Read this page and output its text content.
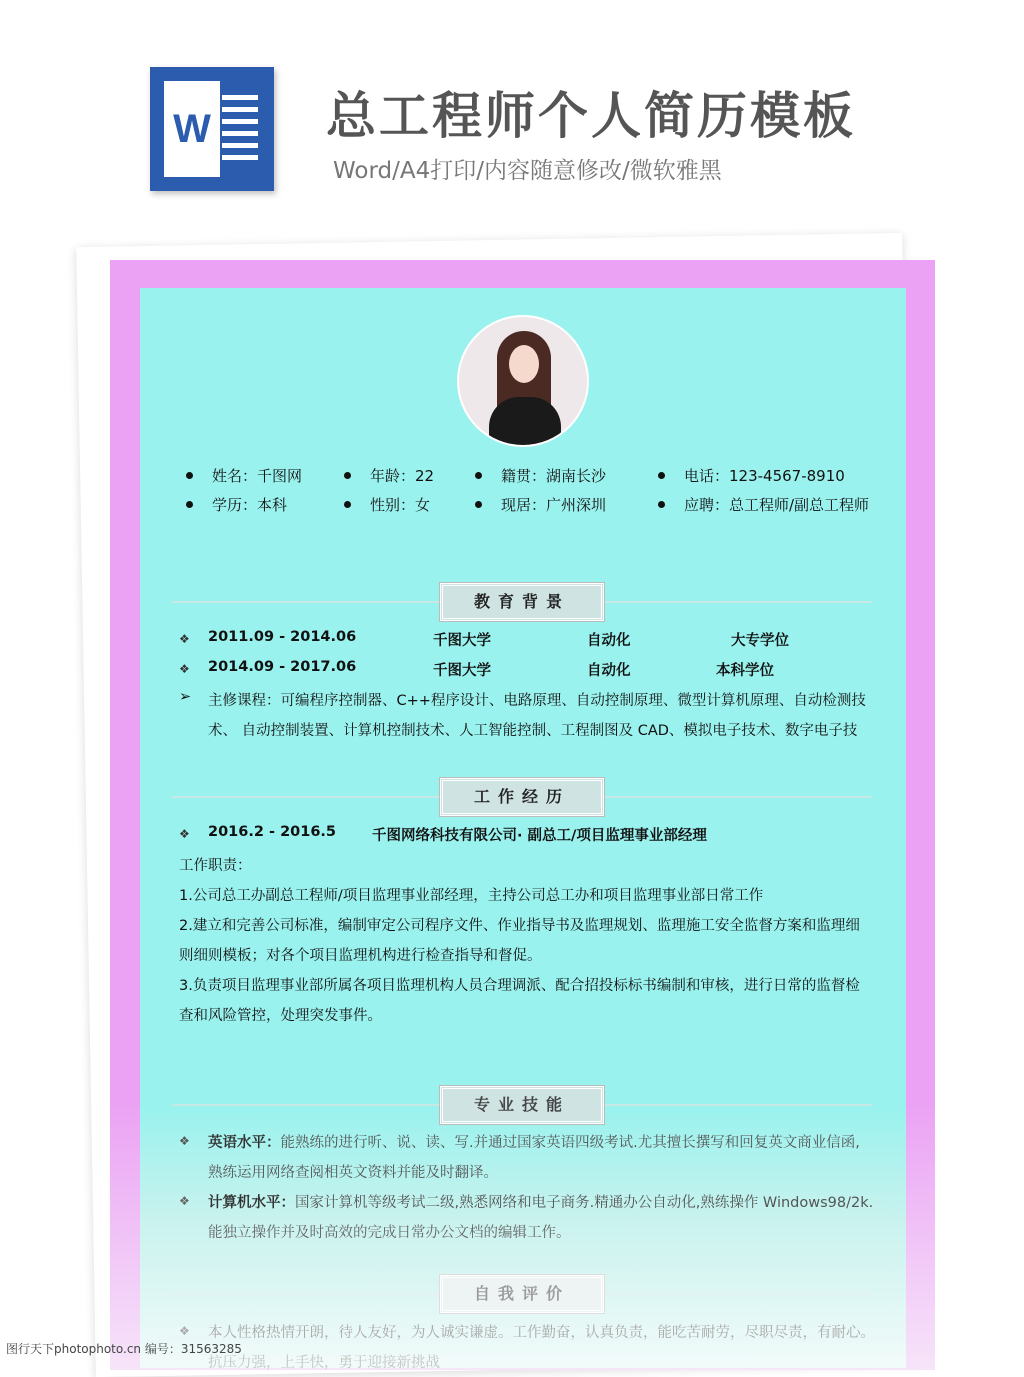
W 总工程师个人简历模板
Word/A4打印/内容随意修改/微软雅黑
姓名：千图网	年龄：22	籍贯：湖南长沙	电话：123-4567-8910
学历：本科	性别：女	现居：广州深圳	应聘：总工程师/副总工程师
教育背景
❖ 2011.09 - 2014.06	千图大学	自动化	大专学位
❖ 2014.09 - 2017.06	千图大学	自动化	本科学位
➢ 主修课程：可编程序控制器、C++程序设计、电路原理、自动控制原理、微型计算机原理、自动检测技
术、 自动控制装置、计算机控制技术、人工智能控制、工程制图及 CAD、模拟电子技术、数字电子技
工作经历
❖ 2016.2 - 2016.5 千图网络科技有限公司· 副总工/项目监理事业部经理
工作职责：
1.公司总工办副总工程师/项目监理事业部经理，主持公司总工办和项目监理事业部日常工作
2.建立和完善公司标准，编制审定公司程序文件、作业指导书及监理规划、监理施工安全监督方案和监理细
则细则模板；对各个项目监理机构进行检查指导和督促。
3.负责项目监理事业部所属各项目监理机构人员合理调派、配合招投标标书编制和审核，进行日常的监督检
查和风险管控，处理突发事件。
专业技能
❖ 英语水平：能熟练的进行听、说、读、写.并通过国家英语四级考试.尤其擅长撰写和回复英文商业信函,
熟练运用网络查阅相英文资料并能及时翻译。
❖ 计算机水平：国家计算机等级考试二级,熟悉网络和电子商务.精通办公自动化,熟练操作 Windows98/2k.
能独立操作并及时高效的完成日常办公文档的编辑工作。
自我评价
❖ 本人性格热情开朗，待人友好，为人诚实谦虚。工作勤奋，认真负责，能吃苦耐劳，尽职尽责，有耐心。
抗压力强，上手快，勇于迎接新挑战
图行天下photophoto.cn 编号：31563285
